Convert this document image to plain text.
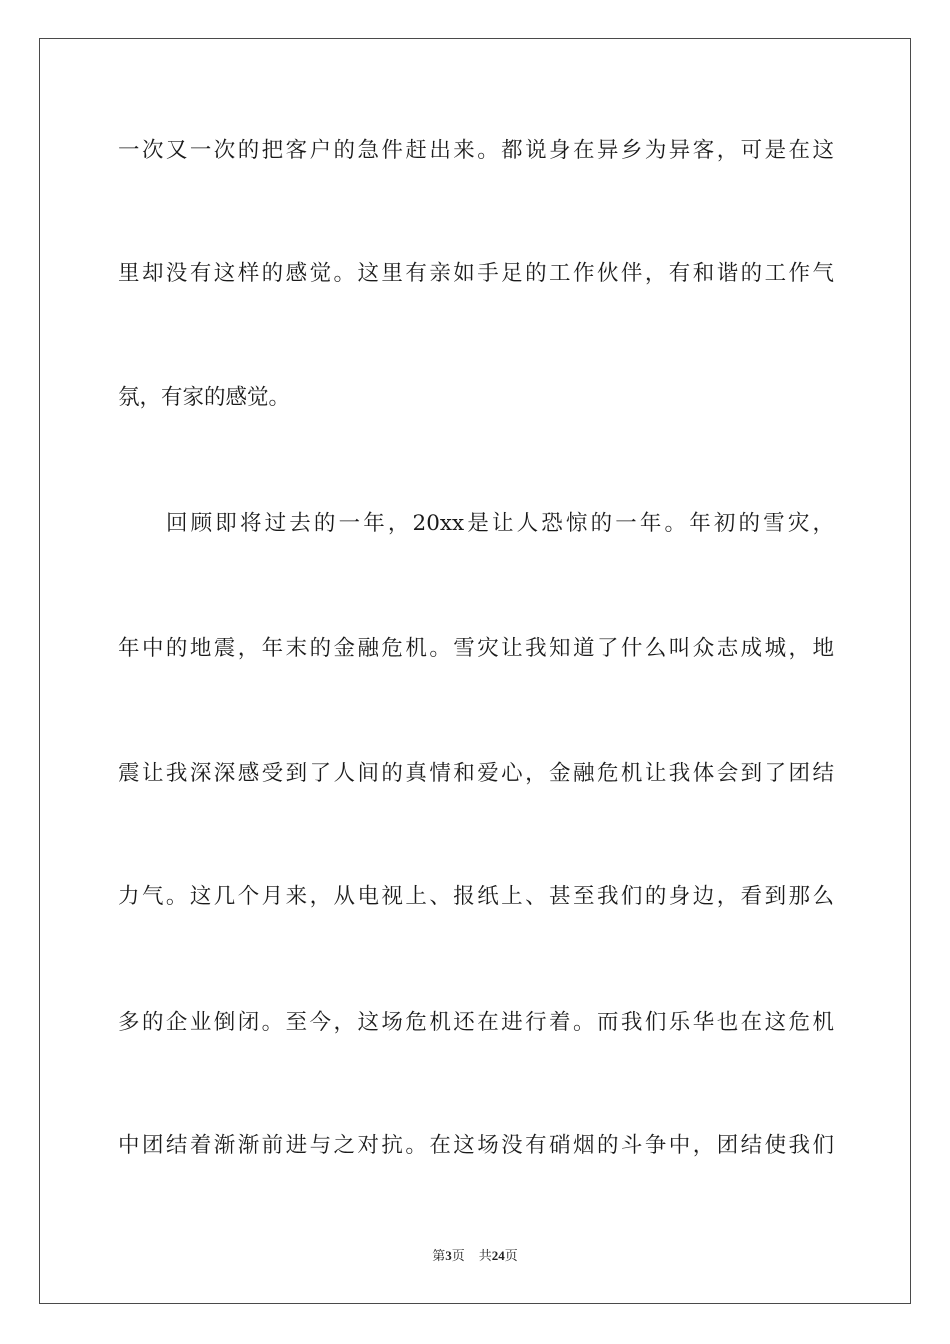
一次又一次的把客户的急件赶出来。都说身在异乡为异客，可是在这
里却没有这样的感觉。这里有亲如手足的工作伙伴，有和谐的工作气
氛，有家的感觉。
回顾即将过去的一年，20xx是让人恐惊的一年。年初的雪灾，
年中的地震，年末的金融危机。雪灾让我知道了什么叫众志成城，地
震让我深深感受到了人间的真情和爱心，金融危机让我体会到了团结
力气。这几个月来，从电视上、报纸上、甚至我们的身边，看到那么
多的企业倒闭。至今，这场危机还在进行着。而我们乐华也在这危机
中团结着渐渐前进与之对抗。在这场没有硝烟的斗争中，团结使我们
第3页 共24页
